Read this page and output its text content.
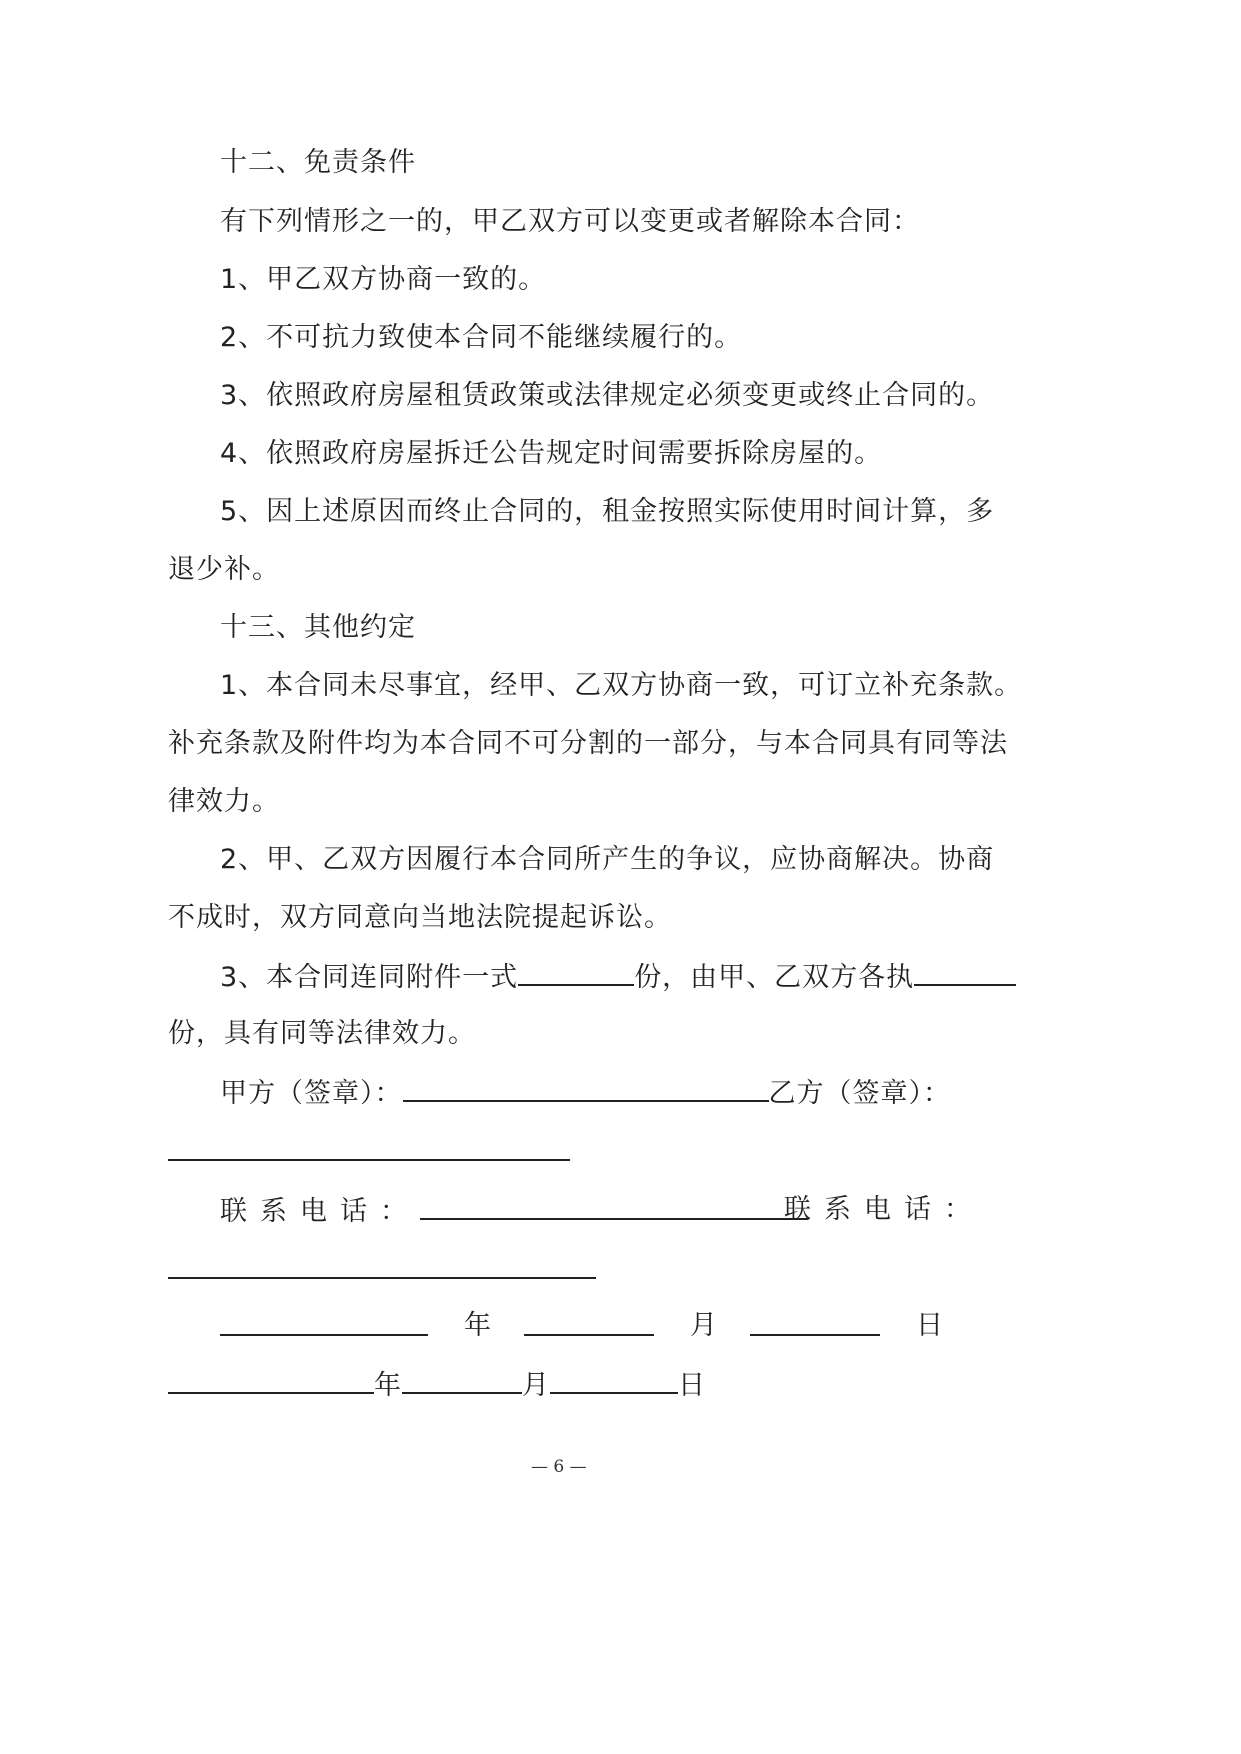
十二、免责条件
有下列情形之一的，甲乙双方可以变更或者解除本合同：
1、甲乙双方协商一致的。
2、不可抗力致使本合同不能继续履行的。
3、依照政府房屋租赁政策或法律规定必须变更或终止合同的。
4、依照政府房屋拆迁公告规定时间需要拆除房屋的。
5、因上述原因而终止合同的，租金按照实际使用时间计算，多
退少补。
十三、其他约定
1、本合同未尽事宜，经甲、乙双方协商一致，可订立补充条款。
补充条款及附件均为本合同不可分割的一部分，与本合同具有同等法
律效力。
2、甲、乙双方因履行本合同所产生的争议，应协商解决。协商
不成时，双方同意向当地法院提起诉讼。
3、本合同连同附件一式	份，由甲、乙双方各执
份，具有同等法律效力。
甲方（签章）：	乙方（签章）：
联系电话：	联系电话：
年	月	日
年	月	日
— 6 —
